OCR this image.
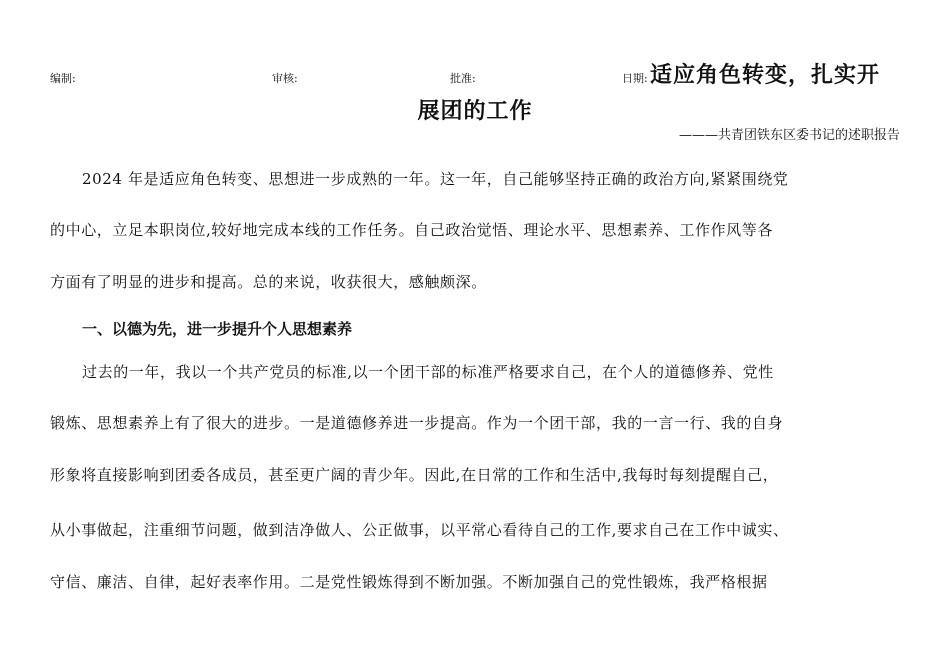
编制:	审核:	批准:	日期: 适应角色转变，扎实开
展团的工作
———共青团铁东区委书记的述职报告
2024 年是适应角色转变、思想进一步成熟的一年。这一年，自己能够坚持正确的政治方向,紧紧围绕党
的中心，立足本职岗位,较好地完成本线的工作任务。自己政治觉悟、理论水平、思想素养、工作作风等各
方面有了明显的进步和提高。总的来说，收获很大，感触颇深。
一、以德为先，进一步提升个人思想素养
过去的一年，我以一个共产党员的标准,以一个团干部的标准严格要求自己，在个人的道德修养、党性
锻炼、思想素养上有了很大的进步。一是道德修养进一步提高。作为一个团干部，我的一言一行、我的自身
形象将直接影响到团委各成员，甚至更广阔的青少年。因此,在日常的工作和生活中,我每时每刻提醒自己，
从小事做起，注重细节问题，做到洁净做人、公正做事，以平常心看待自己的工作,要求自己在工作中诚实、
守信、廉洁、自律，起好表率作用。二是党性锻炼得到不断加强。不断加强自己的党性锻炼，我严格根据
